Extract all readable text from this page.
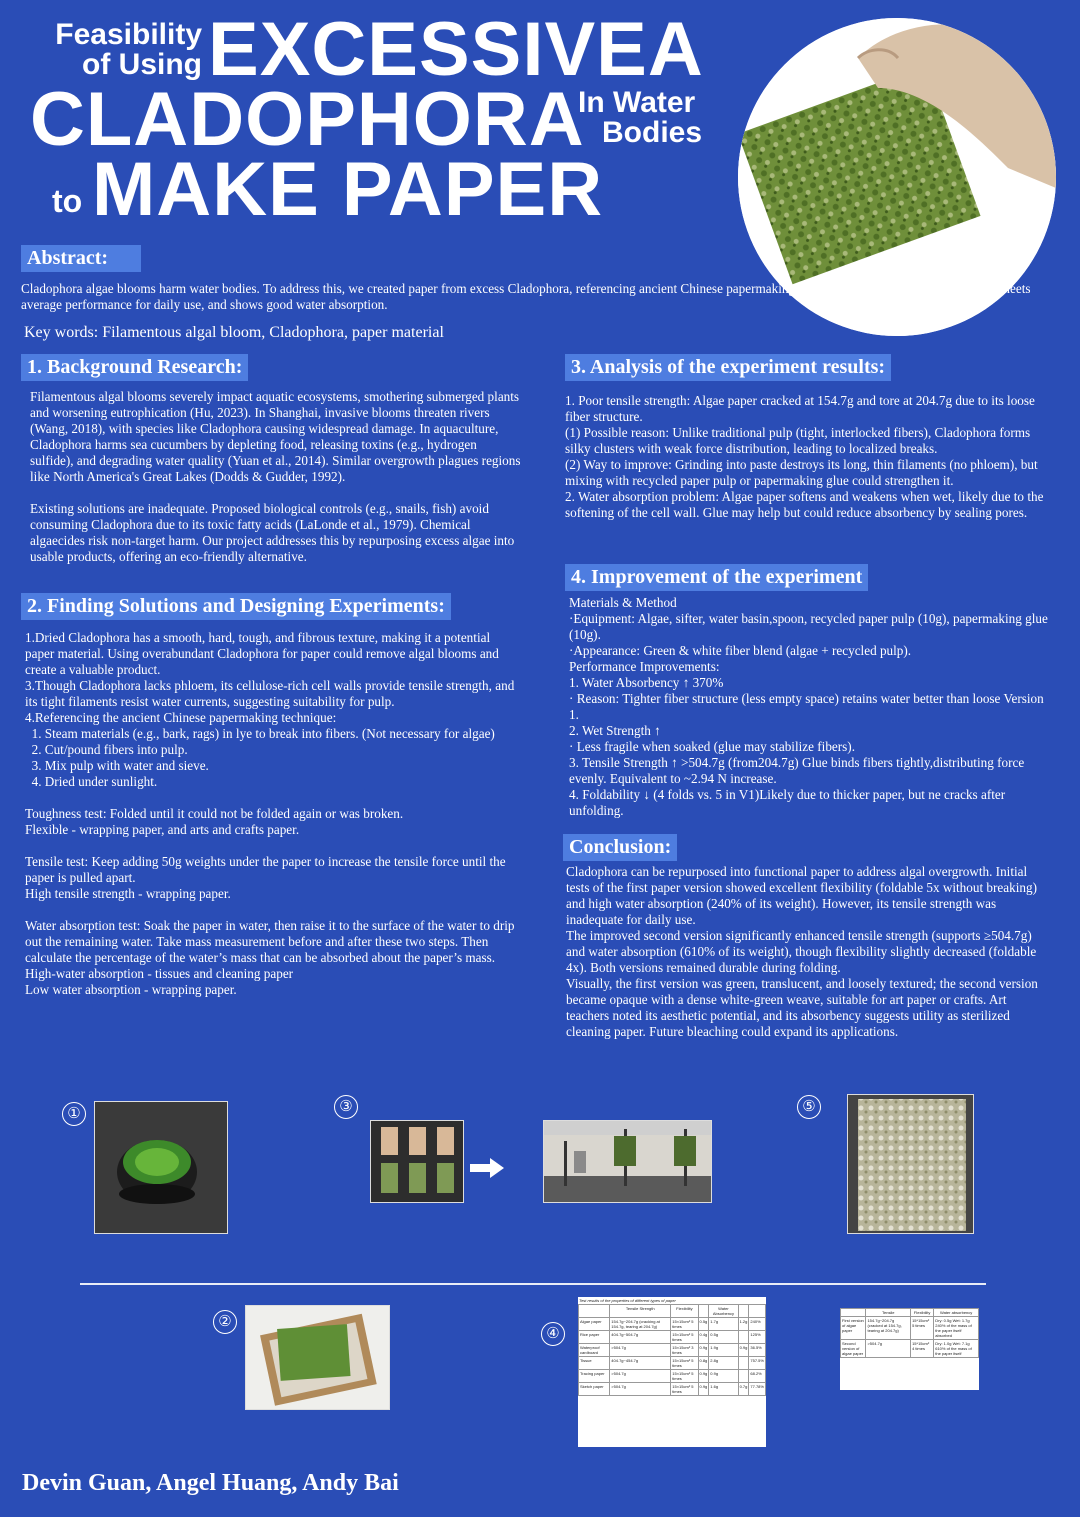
Feasibility
of Using EXCESSIVEA
CLADOPHORA
In Water
Bodies
to MAKE PAPER
Abstract:
Cladophora algae blooms harm water bodies. To address this, we created paper from excess Cladophora, referencing ancient Chinese papermaking. According to test results, algae paper meets average performance for daily use, and shows good water absorption.
Key words: Filamentous algal bloom, Cladophora, paper material
1. Background Research:

Filamentous algal blooms severely impact aquatic ecosystems, smothering submerged plants and worsening eutrophication (Hu, 2023). In Shanghai, invasive blooms threaten rivers (Wang, 2018), with species like Cladophora causing widespread damage. In aquaculture, Cladophora harms sea cucumbers by depleting food, releasing toxins (e.g., hydrogen sulfide), and degrading water quality (Yuan et al., 2014). Similar overgrowth plagues regions like North America's Great Lakes (Dodds & Gudder, 1992).

Existing solutions are inadequate. Proposed biological controls (e.g., snails, fish) avoid consuming Cladophora due to its toxic fatty acids (LaLonde et al., 1979). Chemical algaecides risk non-target harm. Our project addresses this by repurposing excess algae into usable products, offering an eco-friendly alternative.

2. Finding Solutions and Designing Experiments:

1.Dried Cladophora has a smooth, hard, tough, and fibrous texture, making it a potential paper material. Using overabundant Cladophora for paper could remove algal blooms and create a valuable product.

3.Though Cladophora lacks phloem, its cellulose-rich cell walls provide tensile strength, and its tight filaments resist water currents, suggesting suitability for pulp.

4.Referencing the ancient Chinese papermaking technique:

1. Steam materials (e.g., bark, rags) in lye to break into fibers. (Not necessary for algae)

2. Cut/pound fibers into pulp.

3. Mix pulp with water and sieve.

4. Dried under sunlight.

Toughness test: Folded until it could not be folded again or was broken.

Flexible - wrapping paper, and arts and crafts paper.

Tensile test: Keep adding 50g weights under the paper to increase the tensile force until the paper is pulled apart.

High tensile strength - wrapping paper.

Water absorption test: Soak the paper in water, then raise it to the surface of the water to drip out the remaining water. Take mass measurement before and after these two steps. Then calculate the percentage of the water’s mass that can be absorbed about the paper’s mass.

High-water absorption - tissues and cleaning paper

Low water absorption - wrapping paper.

3. Analysis of the experiment results:

1. Poor tensile strength: Algae paper cracked at 154.7g and tore at 204.7g due to its loose fiber structure.

(1) Possible reason: Unlike traditional pulp (tight, interlocked fibers), Cladophora forms silky clusters with weak force distribution, leading to localized breaks.

(2) Way to improve: Grinding into paste destroys its long, thin filaments (no phloem), but mixing with recycled paper pulp or papermaking glue could strengthen it.

2. Water absorption problem: Algae paper softens and weakens when wet, likely due to the softening of the cell wall. Glue may help but could reduce absorbency by sealing pores.

4. Improvement of the experiment

Materials & Method

·Equipment: Algae, sifter, water basin,spoon, recycled paper pulp (10g), papermaking glue (10g).

·Appearance: Green & white fiber blend (algae + recycled pulp).

Performance Improvements:

1. Water Absorbency ↑ 370%

· Reason: Tighter fiber structure (less empty space) retains water better than loose Version 1.

2. Wet Strength ↑

· Less fragile when soaked (glue may stabilize fibers).

3. Tensile Strength ↑ >504.7g (from204.7g) Glue binds fibers tightly,distributing force evenly. Equivalent to ~2.94 N increase.

4. Foldability ↓ (4 folds vs. 5 in V1)Likely due to thicker paper, but ne cracks after unfolding.

Conclusion:

Cladophora can be repurposed into functional paper to address algal overgrowth. Initial tests of the first paper version showed excellent flexibility (foldable 5x without breaking) and high water absorption (240% of its weight). However, its tensile strength was inadequate for daily use.

The improved second version significantly enhanced tensile strength (supports ≥504.7g) and water absorption (610% of its weight), though flexibility slightly decreased (foldable 4x). Both versions remained durable during folding.

Visually, the first version was green, translucent, and loosely textured; the second version became opaque with a dense white-green weave, suitable for art paper or crafts. Art teachers noted its aesthetic potential, and its absorbency suggests utility as sterilized cleaning paper. Future bleaching could expand its applications.

①	③	⑤
②
④
Test results of the properties of different types of paper
	Tensile Strength	Flexibility		Water Absorbency		
Algae paper	154.7g~204.7g (cracking at 154.7g, tearing at 204.7g)	15×15cm² 5 times	0.5g	1.7g	1.2g	240%
Rice paper	404.7g~504.7g	15×15cm² 5 times	0.4g	0.5g		125%
Waterproof cardboard	>504.7g	15×15cm² 3 times	0.9g	1.9g	0.9g	36.5%
Tissue	404.7g~454.7g	15×15cm² 5 times	0.8g	2.8g		757.5%
Tracing paper	>504.7g	15×15cm² 5 times	0.9g	0.9g		68.2%
Sketch paper	>504.7g	15×15cm² 5 times	0.9g	1.6g	0.7g	77.78%
	Tensile	Flexibility	Water absorbency
First version of algae paper	154.7g~204.7g (cracked at 154.7g, tearing at 204.7g)	15*15cm² 5 times	Dry: 0.5g Wet: 1.7g 240% of the mass of the paper itself absorbed
Second version of algae paper	>504.7g	15*15cm² 4 times	Dry: 1.0g Wet: 7.1g 610% of the mass of the paper itself
Devin Guan, Angel Huang, Andy Bai
